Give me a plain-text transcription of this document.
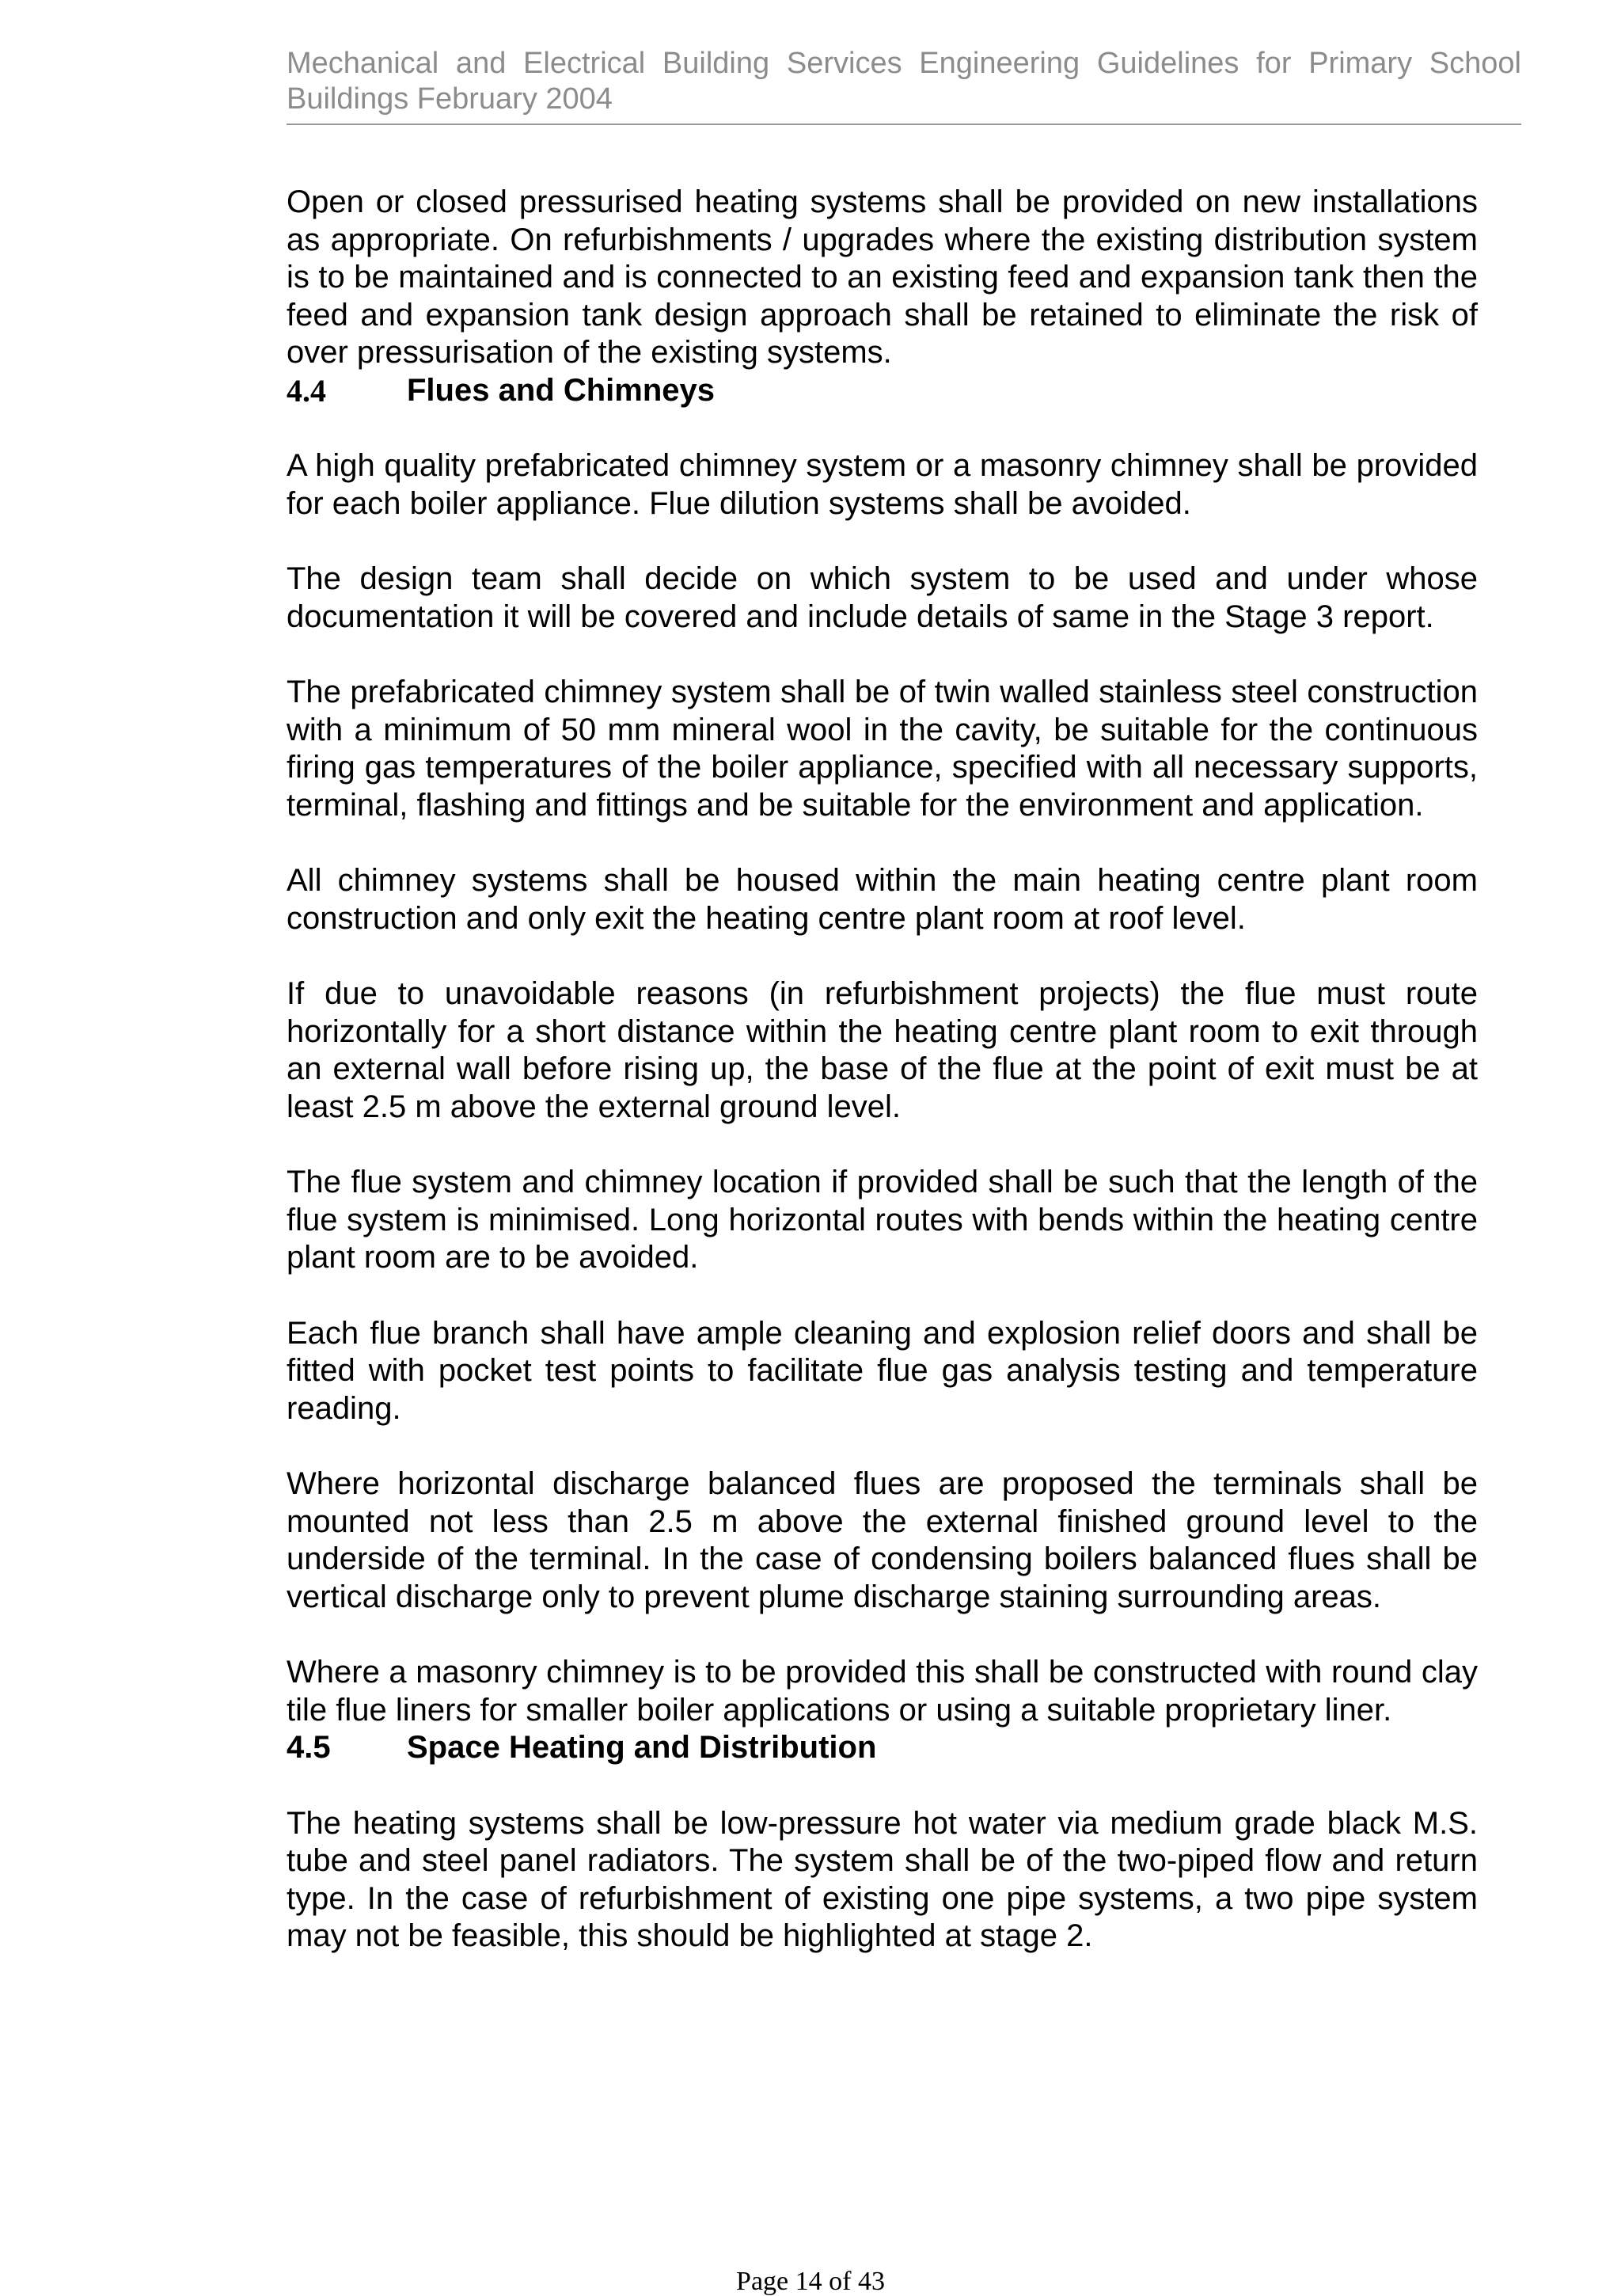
Mechanical and Electrical Building Services Engineering Guidelines for Primary School Buildings February 2004

Open or closed pressurised heating systems shall be provided on new installations as appropriate. On refurbishments / upgrades where the existing distribution system is to be maintained and is connected to an existing feed and expansion tank then the feed and expansion tank design approach shall be retained to eliminate the risk of over pressurisation of the existing systems.

4.4	Flues and Chimneys

A high quality prefabricated chimney system or a masonry chimney shall be provided for each boiler appliance. Flue dilution systems shall be avoided.

The design team shall decide on which system to be used and under whose documentation it will be covered and include details of same in the Stage 3 report.

The prefabricated chimney system shall be of twin walled stainless steel construction with a minimum of 50 mm mineral wool in the cavity, be suitable for the continuous firing gas temperatures of the boiler appliance, specified with all necessary supports, terminal, flashing and fittings and be suitable for the environment and application.

All chimney systems shall be housed within the main heating centre plant room construction and only exit the heating centre plant room at roof level.

If due to unavoidable reasons (in refurbishment projects) the flue must route horizontally for a short distance within the heating centre plant room to exit through an external wall before rising up, the base of the flue at the point of exit must be at least 2.5 m above the external ground level.

The flue system and chimney location if provided shall be such that the length of the flue system is minimised. Long horizontal routes with bends within the heating centre plant room are to be avoided.

Each flue branch shall have ample cleaning and explosion relief doors and shall be fitted with pocket test points to facilitate flue gas analysis testing and temperature reading.

Where horizontal discharge balanced flues are proposed the terminals shall be mounted not less than 2.5 m above the external finished ground level to the underside of the terminal. In the case of condensing boilers balanced flues shall be vertical discharge only to prevent plume discharge staining surrounding areas.

Where a masonry chimney is to be provided this shall be constructed with round clay tile flue liners for smaller boiler applications or using a suitable proprietary liner.

4.5	Space Heating and Distribution

The heating systems shall be low-pressure hot water via medium grade black M.S. tube and steel panel radiators. The system shall be of the two-piped flow and return type. In the case of refurbishment of existing one pipe systems, a two pipe system may not be feasible, this should be highlighted at stage 2.

Page 14 of 43
